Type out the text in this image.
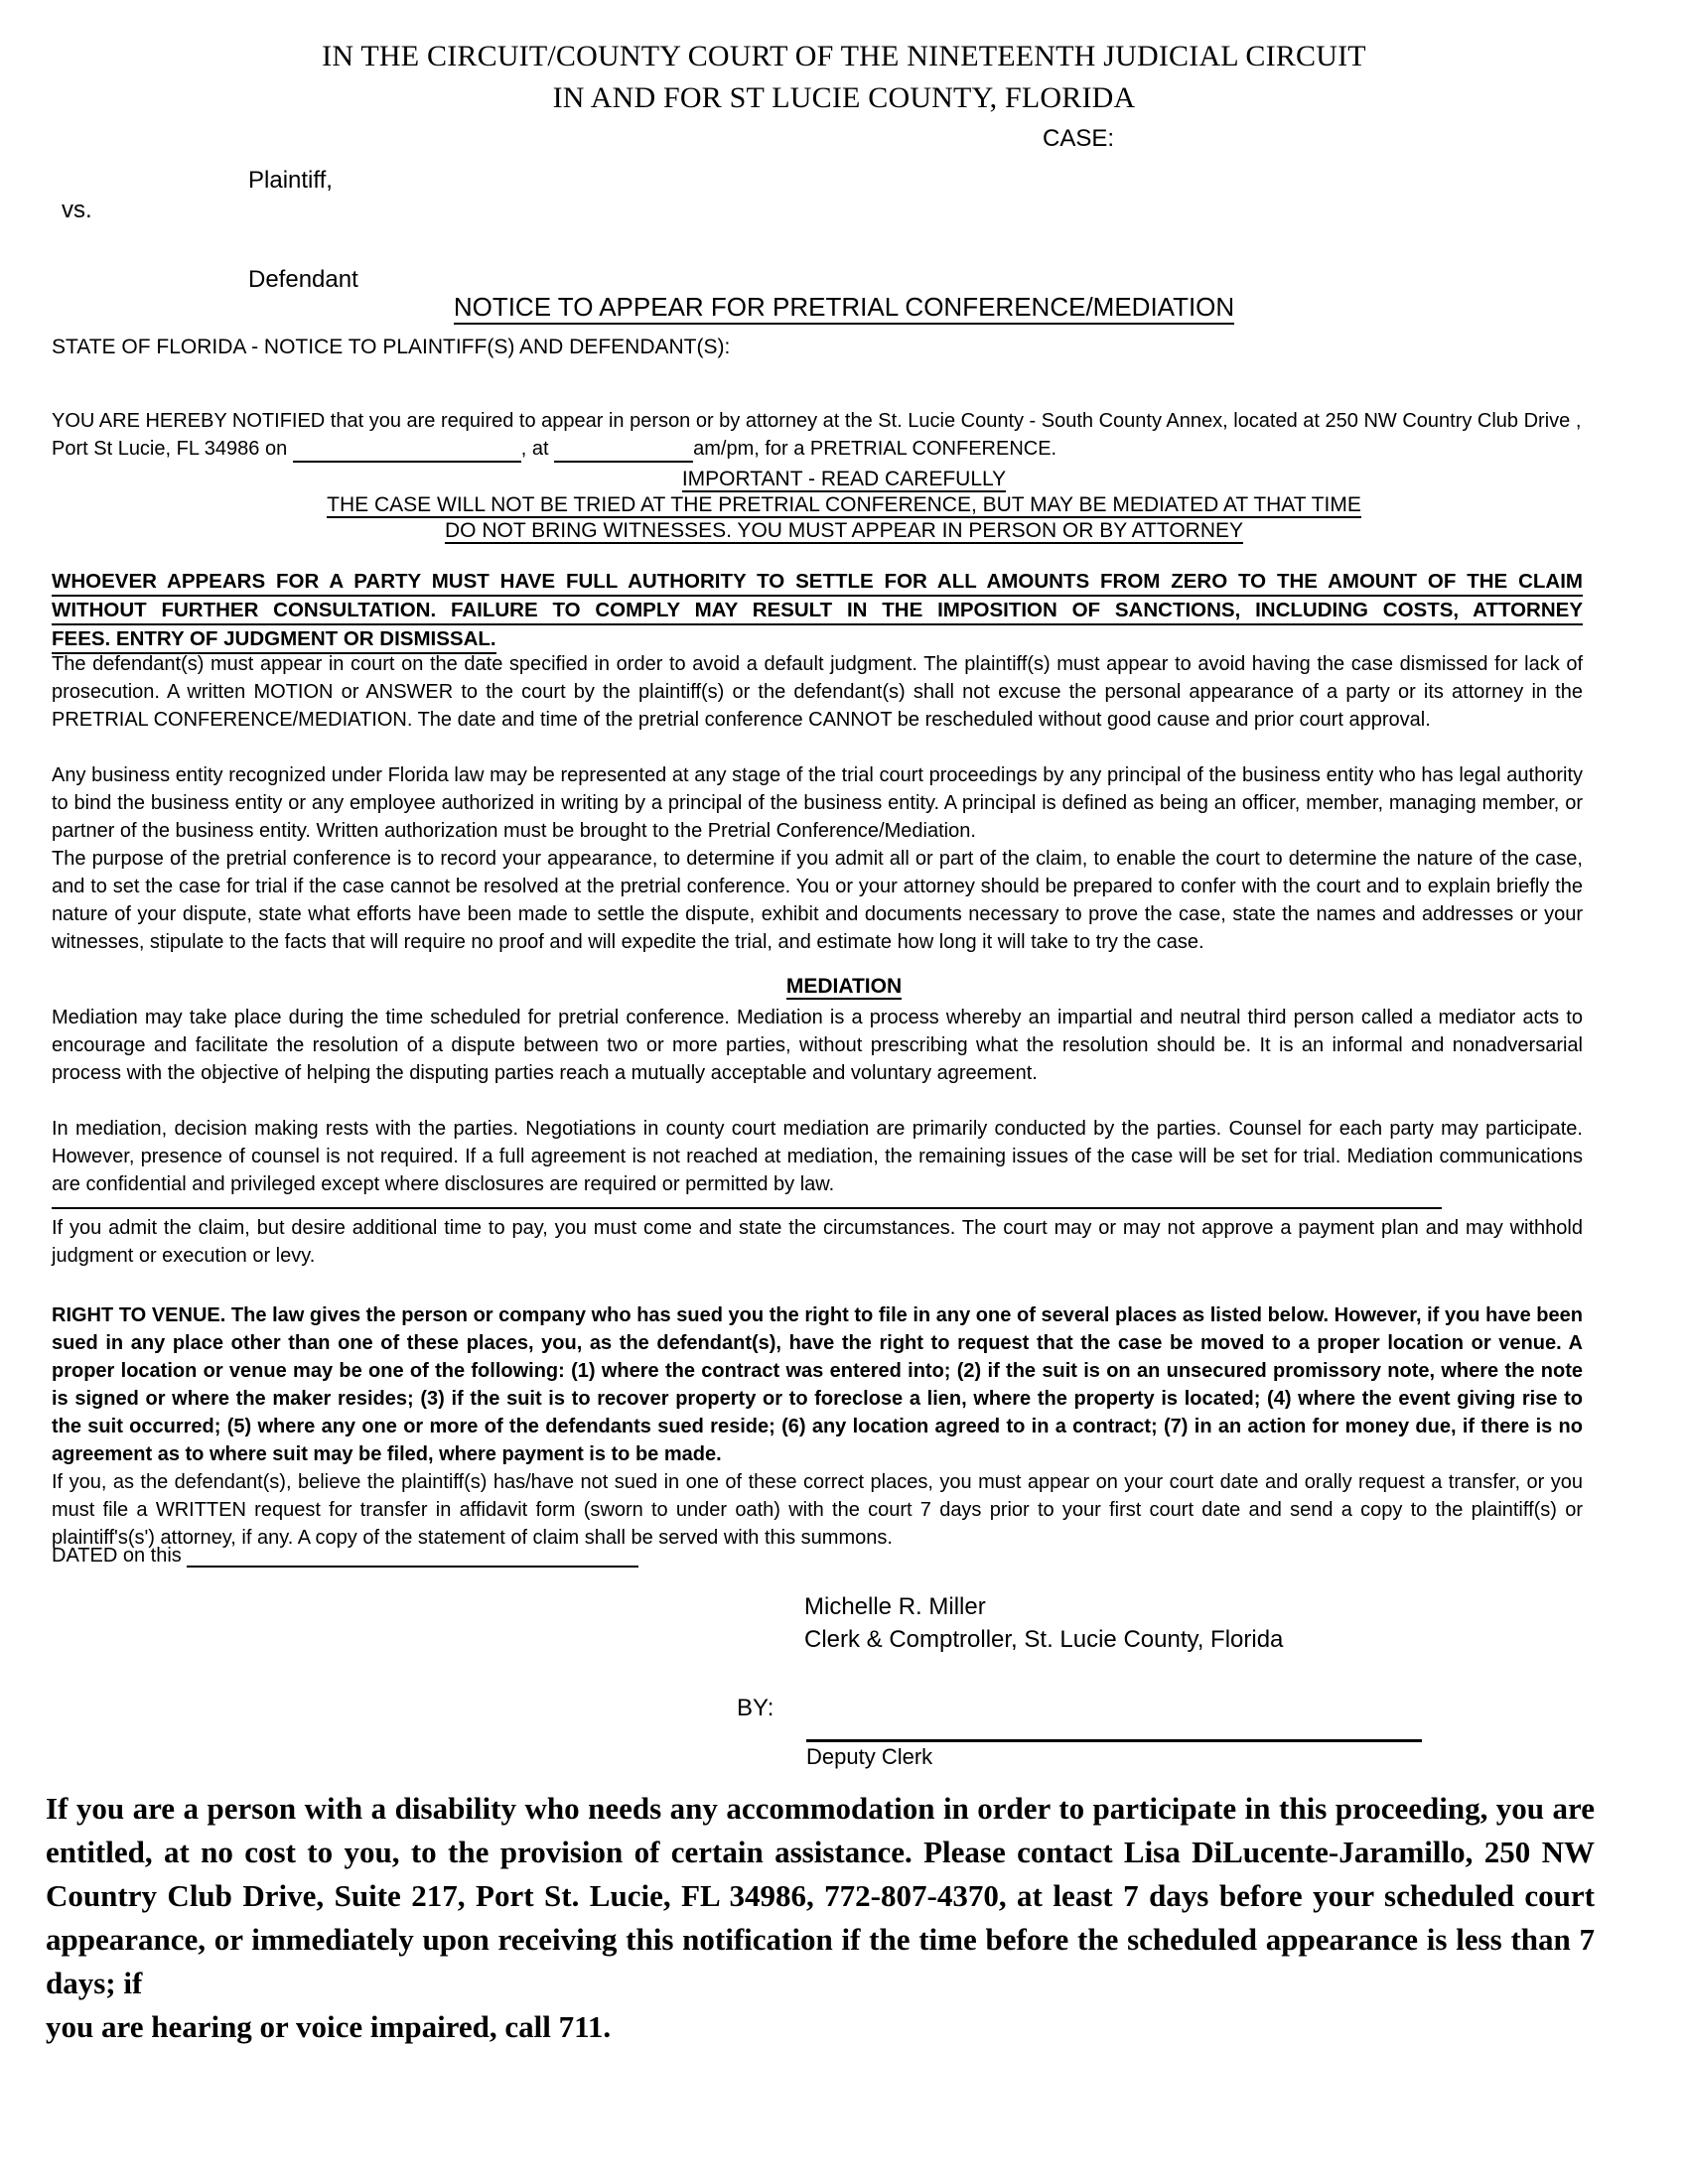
IN THE CIRCUIT/COUNTY COURT OF THE NINETEENTH JUDICIAL CIRCUIT
IN AND FOR ST LUCIE COUNTY, FLORIDA
CASE:
Plaintiff,
vs.
Defendant
NOTICE TO APPEAR FOR PRETRIAL CONFERENCE/MEDIATION
STATE OF FLORIDA - NOTICE TO PLAINTIFF(S) AND DEFENDANT(S):
YOU ARE HEREBY NOTIFIED that you are required to appear in person or by attorney at the St. Lucie County - South County Annex, located at 250 NW Country Club Drive , Port St Lucie, FL 34986 on	, at	am/pm, for a PRETRIAL CONFERENCE.
IMPORTANT - READ CAREFULLY
THE CASE WILL NOT BE TRIED AT THE PRETRIAL CONFERENCE, BUT MAY BE MEDIATED AT THAT TIME
DO NOT BRING WITNESSES. YOU MUST APPEAR IN PERSON OR BY ATTORNEY
WHOEVER APPEARS FOR A PARTY MUST HAVE FULL AUTHORITY TO SETTLE FOR ALL AMOUNTS FROM ZERO TO THE AMOUNT OF THE CLAIM
WITHOUT FURTHER CONSULTATION. FAILURE TO COMPLY MAY RESULT IN THE IMPOSITION OF SANCTIONS, INCLUDING COSTS, ATTORNEY
FEES. ENTRY OF JUDGMENT OR DISMISSAL.
The defendant(s) must appear in court on the date specified in order to avoid a default judgment. The plaintiff(s) must appear to avoid having the case dismissed for lack of prosecution. A written MOTION or ANSWER to the court by the plaintiff(s) or the defendant(s) shall not excuse the personal appearance of a party or its attorney in the PRETRIAL CONFERENCE/MEDIATION. The date and time of the pretrial conference CANNOT be rescheduled without good cause and prior court approval.
Any business entity recognized under Florida law may be represented at any stage of the trial court proceedings by any principal of the business entity who has legal authority to bind the business entity or any employee authorized in writing by a principal of the business entity. A principal is defined as being an officer, member, managing member, or partner of the business entity. Written authorization must be brought to the Pretrial Conference/Mediation.
The purpose of the pretrial conference is to record your appearance, to determine if you admit all or part of the claim, to enable the court to determine the nature of the case, and to set the case for trial if the case cannot be resolved at the pretrial conference. You or your attorney should be prepared to confer with the court and to explain briefly the nature of your dispute, state what efforts have been made to settle the dispute, exhibit and documents necessary to prove the case, state the names and addresses or your witnesses, stipulate to the facts that will require no proof and will expedite the trial, and estimate how long it will take to try the case.
MEDIATION
Mediation may take place during the time scheduled for pretrial conference. Mediation is a process whereby an impartial and neutral third person called a mediator acts to encourage and facilitate the resolution of a dispute between two or more parties, without prescribing what the resolution should be. It is an informal and nonadversarial process with the objective of helping the disputing parties reach a mutually acceptable and voluntary agreement.
In mediation, decision making rests with the parties. Negotiations in county court mediation are primarily conducted by the parties. Counsel for each party may participate. However, presence of counsel is not required. If a full agreement is not reached at mediation, the remaining issues of the case will be set for trial. Mediation communications are confidential and privileged except where disclosures are required or permitted by law.
If you admit the claim, but desire additional time to pay, you must come and state the circumstances. The court may or may not approve a payment plan and may withhold judgment or execution or levy.
RIGHT TO VENUE. The law gives the person or company who has sued you the right to file in any one of several places as listed below. However, if you have been sued in any place other than one of these places, you, as the defendant(s), have the right to request that the case be moved to a proper location or venue. A proper location or venue may be one of the following: (1) where the contract was entered into; (2) if the suit is on an unsecured promissory note, where the note is signed or where the maker resides; (3) if the suit is to recover property or to foreclose a lien, where the property is located; (4) where the event giving rise to the suit occurred; (5) where any one or more of the defendants sued reside; (6) any location agreed to in a contract; (7) in an action for money due, if there is no agreement as to where suit may be filed, where payment is to be made.
If you, as the defendant(s), believe the plaintiff(s) has/have not sued in one of these correct places, you must appear on your court date and orally request a transfer, or you must file a WRITTEN request for transfer in affidavit form (sworn to under oath) with the court 7 days prior to your first court date and send a copy to the plaintiff(s) or plaintiff's(s') attorney, if any. A copy of the statement of claim shall be served with this summons.
DATED on this
Michelle R. Miller
Clerk & Comptroller, St. Lucie County, Florida
BY:
Deputy Clerk
If you are a person with a disability who needs any accommodation in order to participate in this proceeding, you are entitled, at no cost to you, to the provision of certain assistance. Please contact Lisa DiLucente-Jaramillo, 250 NW Country Club Drive, Suite 217, Port St. Lucie, FL 34986, 772-807-4370, at least 7 days before your scheduled court appearance, or immediately upon receiving this notification if the time before the scheduled appearance is less than 7 days; if
you are hearing or voice impaired, call 711.
